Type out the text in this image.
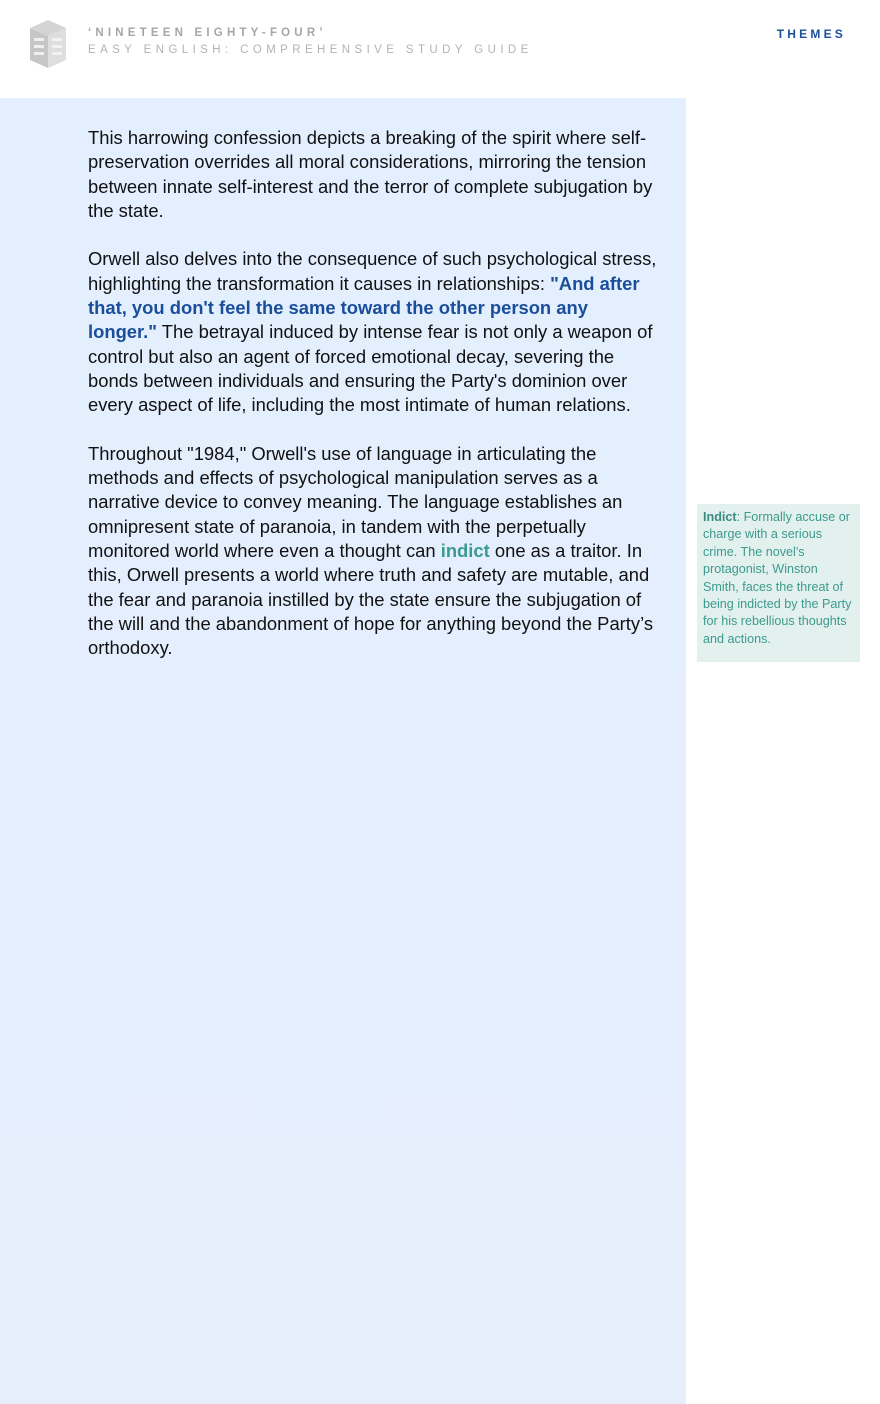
‘NINETEEN EIGHTY-FOUR’
EASY ENGLISH: COMPREHENSIVE STUDY GUIDE
THEMES

This harrowing confession depicts a breaking of the spirit where self-preservation overrides all moral considerations, mirroring the tension between innate self-interest and the terror of complete subjugation by the state.

Orwell also delves into the consequence of such psychological stress, highlighting the transformation it causes in relationships: "And after that, you don't feel the same toward the other person any longer." The betrayal induced by intense fear is not only a weapon of control but also an agent of forced emotional decay, severing the bonds between individuals and ensuring the Party's dominion over every aspect of life, including the most intimate of human relations.

Throughout "1984," Orwell's use of language in articulating the methods and effects of psychological manipulation serves as a narrative device to convey meaning. The language establishes an omnipresent state of paranoia, in tandem with the perpetually monitored world where even a thought can indict one as a traitor. In this, Orwell presents a world where truth and safety are mutable, and the fear and paranoia instilled by the state ensure the subjugation of the will and the abandonment of hope for anything beyond the Party’s orthodoxy.

Indict: Formally accuse or charge with a serious crime. The novel's protagonist, Winston Smith, faces the threat of being indicted by the Party for his rebellious thoughts and actions.
